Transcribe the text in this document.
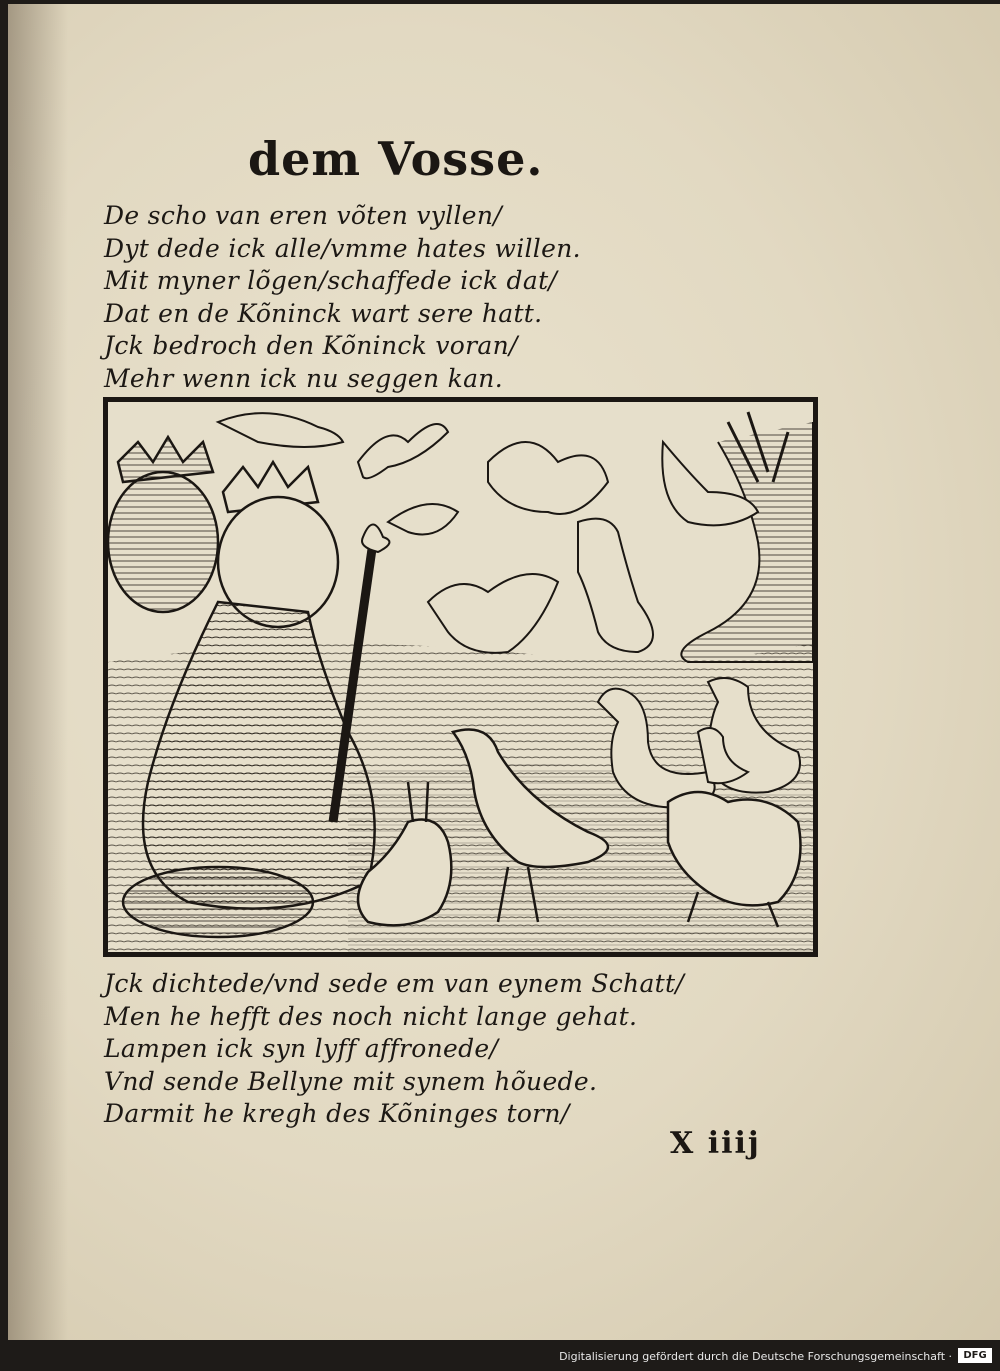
dem Vosse.
De scho van eren võten vyllen/
Dyt dede ick alle/vmme hates willen.
Mit myner lõgen/schaffede ick dat/
Dat en de Kõninck wart sere hatt.
Jck bedroch den Kõninck voran/
Mehr wenn ick nu seggen kan.
Jck dichtede/vnd sede em van eynem Schatt/
Men he hefft des noch nicht lange gehat.
Lampen ick syn lyff affronede/
Vnd sende Bellyne mit synem hõuede.
Darmit he kregh des Kõninges torn/
X iiij
Digitalisierung gefördert durch die Deutsche Forschungsgemeinschaft ·	DFG
